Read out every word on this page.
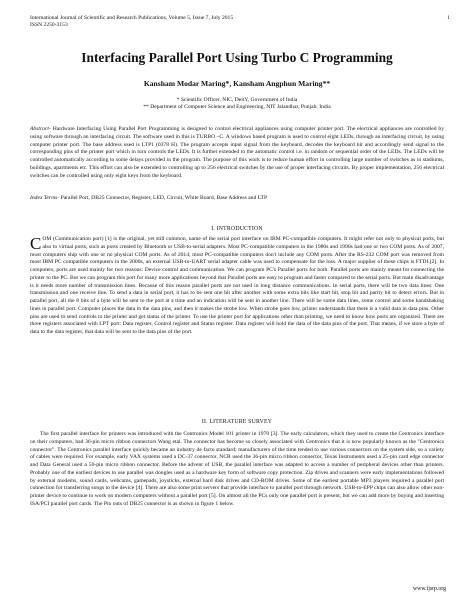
International Journal of Scientific and Research Publications, Volume 5, Issue 7, July 2015
ISSN 2250-3153
1
Interfacing Parallel Port Using Turbo C Programming
Kansham Modar Maring*, Kansham Angphun Maring**
* Scientific Officer, NIC, DeitY, Government of India
** Department of Computer Science and Engineering, NIT Jalandhar, Punjab, India
Abstract- Hardware Interfacing Using Parallel Port Programming is designed to control electrical appliances using computer printer port. The electrical appliances are controlled by using software through an interfacing circuit. The software used in this is TURBO –C. A windows based program is used to control eight LEDs, through an interfacing circuit, by using computer printer port. The base address used is LTP1 (0378 H). The program accepts input signal from the keyboard, decodes the keyboard hit and accordingly send signal to the corresponding pins of the printer port which in turn controls the LEDs. It is further extended to the automatic control i.e. in random or sequential order of the LEDs. The LEDs will be controlled automatically according to some delays provided in the program. The purpose of this work is to reduce human effort in controlling large number of switches as in stadiums, buildings, apartments etc. This effort can also be extended to controlling up to 256 electrical switches by the use of proper interfacing circuits. By proper implementation, 256 electrical switches can be controlled using only eight keys from the keyboard.
Index Terms- Parallel Port, DB25 Connector, Register, LED, Circuit, White Board, Base Address and LTP
I. INTRODUCTION
C OM (Communication port) [1] is the original, yet still common, name of the serial port interface on IBM PC-compatible computers. It might refer not only to physical ports, but also to virtual ports, such as ports created by Bluetooth or USB-to-serial adapters. Most PC-compatible computers in the 1980s and 1990s had one or two COM ports. As of 2007, most computers ship with one or no physical COM ports. As of 2014, most PC-compatible computers don't include any COM ports. After the RS-232 COM port was removed from most IBM PC compatible computers in the 2000s, an external USB-to-UART serial adapter cable was used to compensate for the loss. A major supplier of these chips is FTDI.[2]. In computers, ports are used mainly for two reasons: Device control and communication. We can program PC's Parallel ports for both. Parallel ports are mainly meant for connecting the printer to the PC. But we can program this port for many more applications beyond that Parallel ports are easy to program and faster compared to the serial ports. But main disadvantage is it needs more number of transmission lines. Because of this reason parallel ports are not used in long distance communications. In serial ports, there will be two data lines: One transmission and one receive line. To send a data in serial port, it has to be sent one bit after another with some extra bits like start bit, stop bit and parity bit to detect errors. But in parallel port, all the 8 bits of a byte will be sent to the port at a time and an indication will be sent in another line. There will be some data lines, some control and some handshaking lines in parallel port. Computer places the data in the data pins, and then it makes the strobe low. When strobe goes low, printer understands that there is a valid data in data pins. Other pins are used to send controls to the printer and get status of the printer. To use the printer port for applications other than printing, we need to know how ports are organized. There are three registers associated with LPT port: Data register, Control register and Status register. Data register will hold the data of the data pins of the port. That means, if we store a byte of data to the data register, that data will be sent to the data pins of the port.
II. LITERATURE SURVEY
The first parallel interface for printers was introduced with the Centronics Model 101 printer in 1970 [3]. The early calculators, which they used to create the Centronics interface on their computers, had 36-pin micro ribbon connectors Wang etal. The connector has become so closely associated with Centronics that it is now popularly known as the "Centronics connector". The Centronics parallel interface quickly became an industry de facto standard; manufacturers of the time tended to use various connectors on the system side, so a variety of cables were required. For example, early VAX systems used a DC-37 connector, NCR used the 36-pin micro ribbon connector, Texas Instruments used a 25-pin card edge connector and Data General used a 50-pin micro ribbon connector. Before the advent of USB, the parallel interface was adapted to access a number of peripheral devices other than printers. Probably one of the earliest devices to use parallel was dongles used as a hardware key form of software copy protection. Zip drives and scanners were early implementations followed by external modems, sound cards, webcams, gamepads, joysticks, external hard disk drives and CD-ROM drives. Some of the earliest portable MP3 players required a parallel port connection for transferring songs to the device [4]. There are also some print servers that provide interface to parallel port through network. USB-to-EPP chips can also allow other non-printer device to continue to work on modern computers without a parallel port [5]. On almost all the PCs only one parallel port is present, but we can add more by buying and inserting ISA/PCI parallel port cards. The Pin outs of DB25 connector is as shown in figure 1 below.
www.ijsrp.org
